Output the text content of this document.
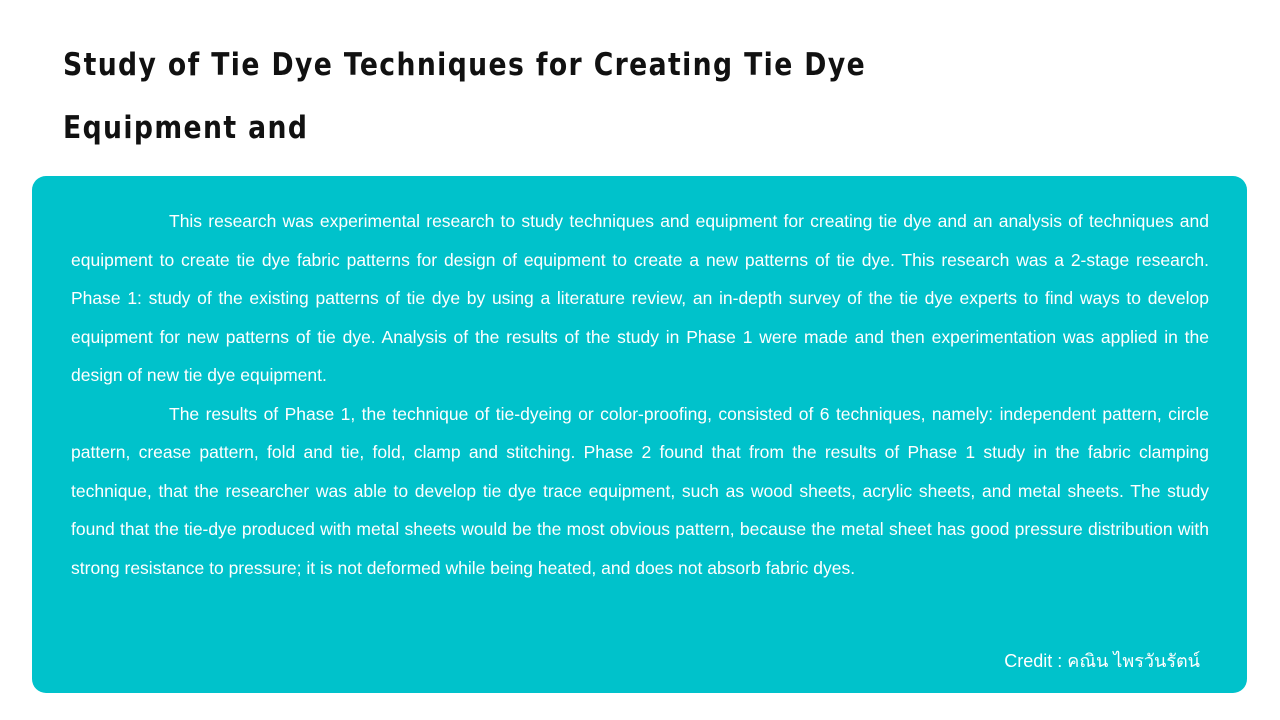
Study of Tie Dye Techniques for Creating Tie Dye Equipment and

This research was experimental research to study techniques and equipment for creating tie dye and an analysis of techniques and equipment to create tie dye fabric patterns for design of equipment to create a new patterns of tie dye. This research was a 2-stage research. Phase 1: study of the existing patterns of tie dye by using a literature review, an in-depth survey of the tie dye experts to find ways to develop equipment for new patterns of tie dye. Analysis of the results of the study in Phase 1 were made and then experimentation was applied in the design of new tie dye equipment.

The results of Phase 1, the technique of tie-dyeing or color-proofing, consisted of 6 techniques, namely: independent pattern, circle pattern, crease pattern, fold and tie, fold, clamp and stitching. Phase 2 found that from the results of Phase 1 study in the fabric clamping technique, that the researcher was able to develop tie dye trace equipment, such as wood sheets, acrylic sheets, and metal sheets. The study found that the tie-dye produced with metal sheets would be the most obvious pattern, because the metal sheet has good pressure distribution with strong resistance to pressure; it is not deformed while being heated, and does not absorb fabric dyes.

Credit : คณิน ไพรวันรัตน์
